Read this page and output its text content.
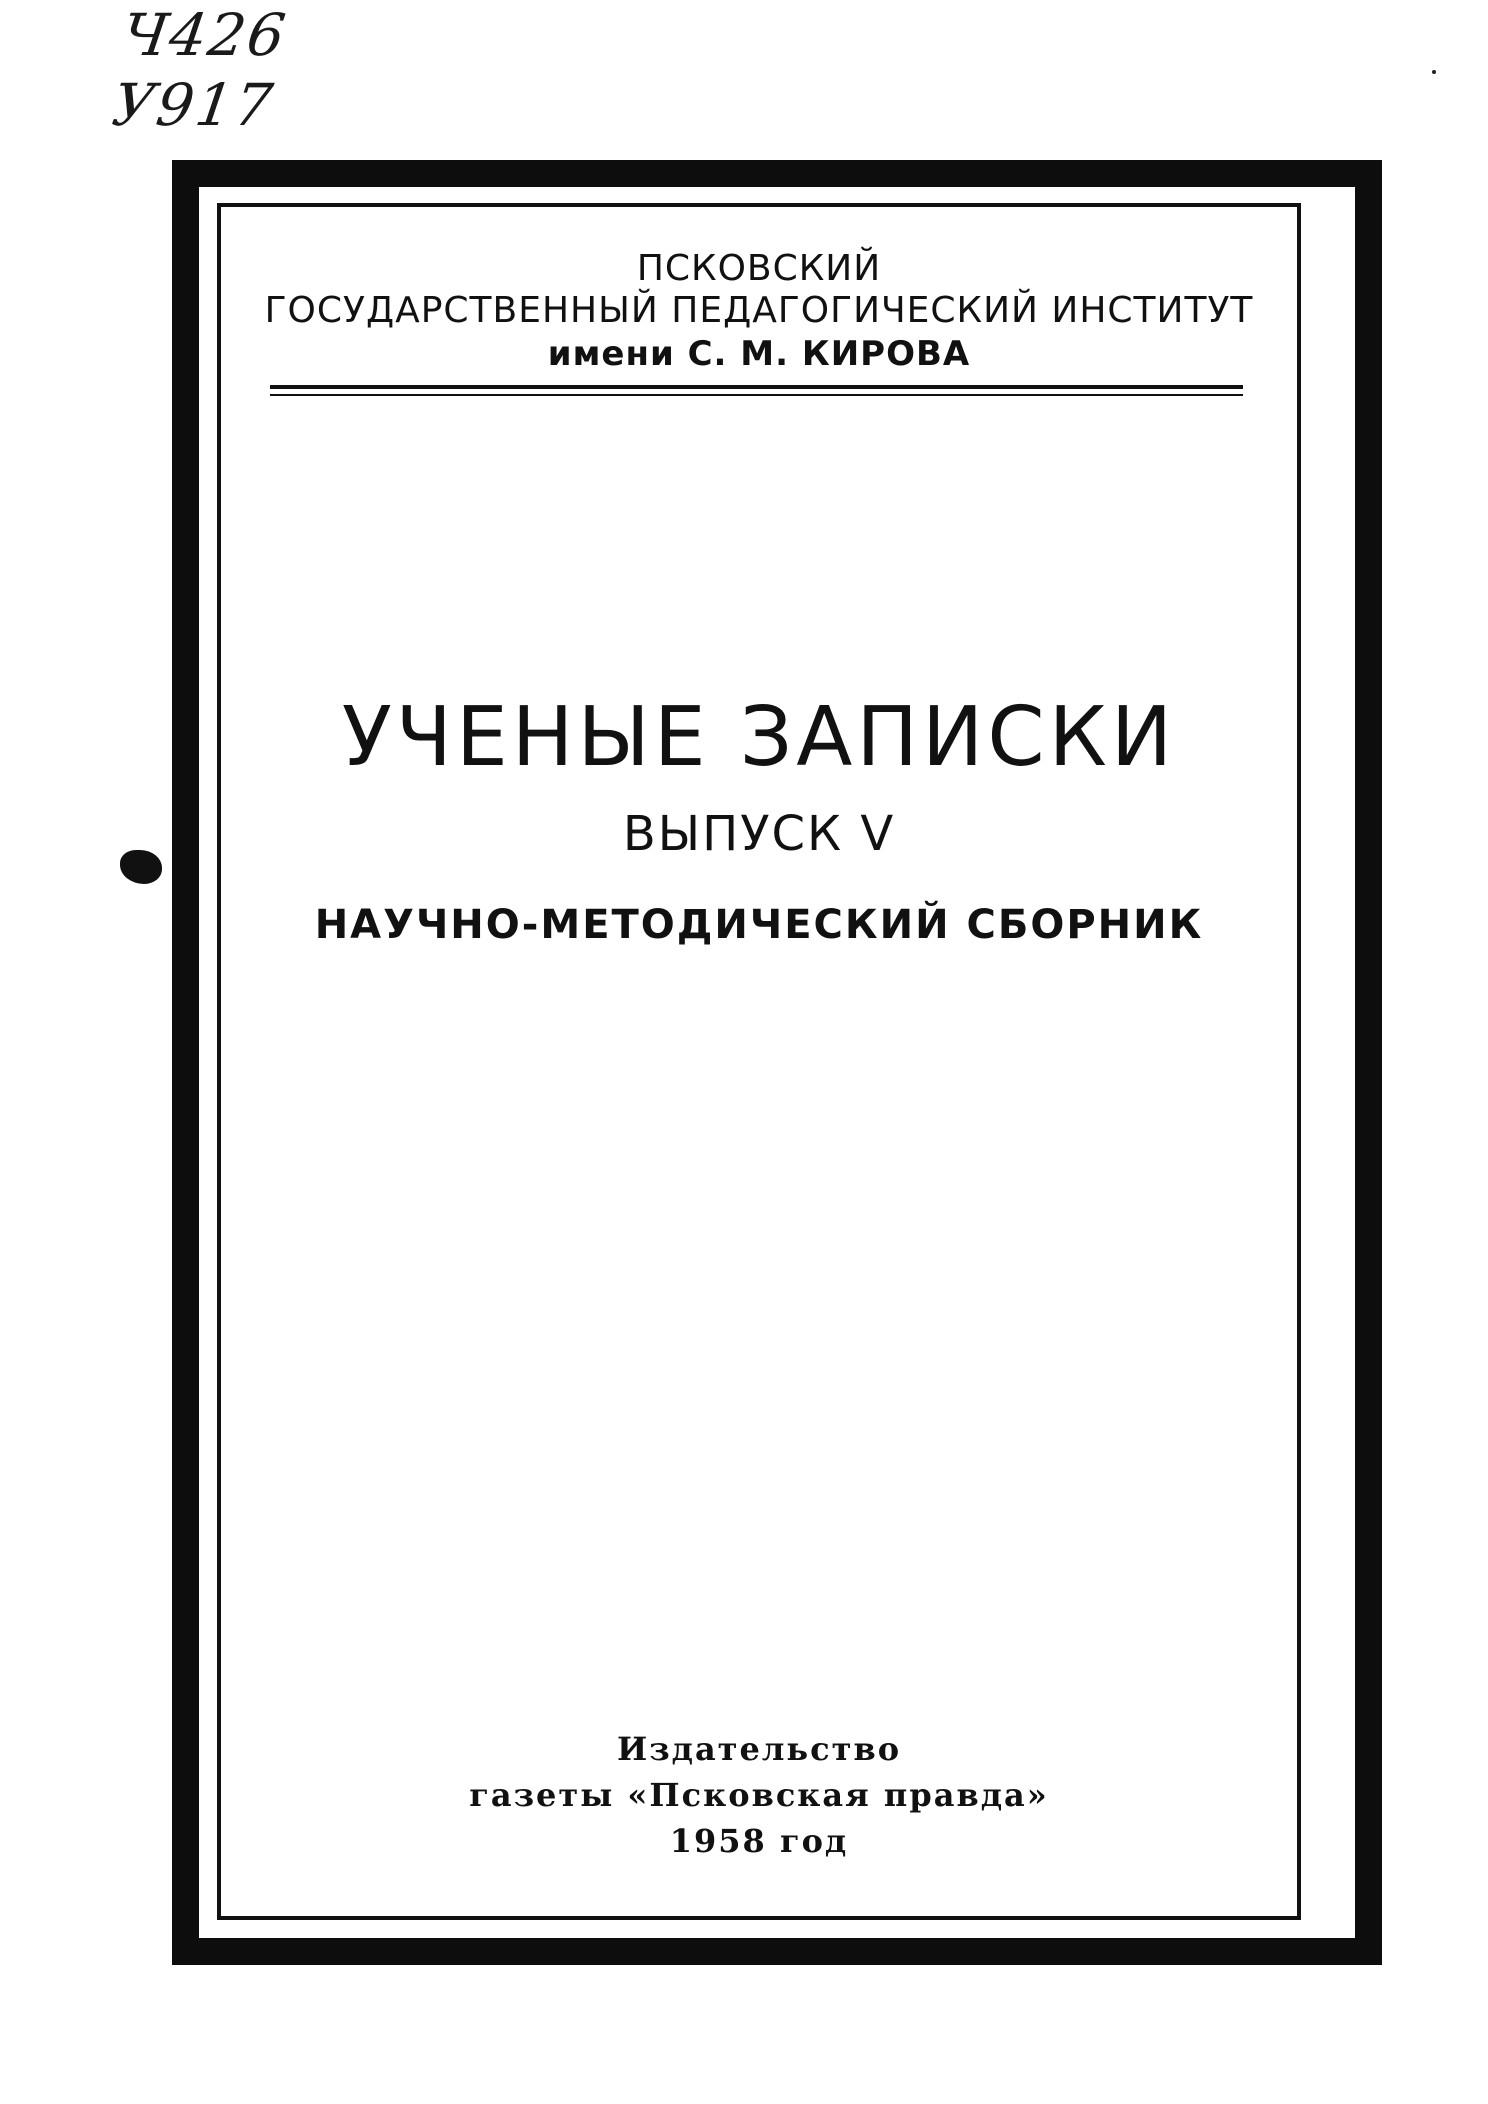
Ч426
У917
ПСКОВСКИЙ
ГОСУДАРСТВЕННЫЙ ПЕДАГОГИЧЕСКИЙ ИНСТИТУТ
имени С. М. КИРОВА
УЧЕНЫЕ ЗАПИСКИ
ВЫПУСК V
НАУЧНО-МЕТОДИЧЕСКИЙ СБОРНИК
Издательство
газеты «Псковская правда»
1958 год
